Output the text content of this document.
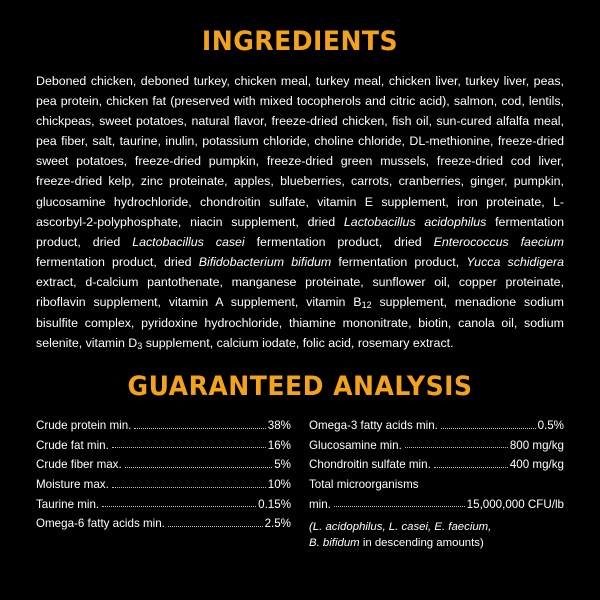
INGREDIENTS

Deboned chicken, deboned turkey, chicken meal, turkey meal, chicken liver, turkey liver, peas, pea protein, chicken fat (preserved with mixed tocopherols and citric acid), salmon, cod, lentils, chickpeas, sweet potatoes, natural flavor, freeze-dried chicken, fish oil, sun-cured alfalfa meal, pea fiber, salt, taurine, inulin, potassium chloride, choline chloride, DL-methionine, freeze-dried sweet potatoes, freeze-dried pumpkin, freeze-dried green mussels, freeze-dried cod liver, freeze-dried kelp, zinc proteinate, apples, blueberries, carrots, cranberries, ginger, pumpkin, glucosamine hydrochloride, chondroitin sulfate, vitamin E supplement, iron proteinate, L-ascorbyl-2-polyphosphate, niacin supplement, dried Lactobacillus acidophilus fermentation product, dried Lactobacillus casei fermentation product, dried Enterococcus faecium fermentation product, dried Bifidobacterium bifidum fermentation product, Yucca schidigera extract, d-calcium pantothenate, manganese proteinate, sunflower oil, copper proteinate, riboflavin supplement, vitamin A supplement, vitamin $B_{12}$ supplement, menadione sodium bisulfite complex, pyridoxine hydrochloride, thiamine mononitrate, biotin, canola oil, sodium selenite, vitamin $D_3$ supplement, calcium iodate, folic acid, rosemary extract.

GUARANTEED ANALYSIS
Crude protein min.	38%
Crude fat min.	16%
Crude fiber max.	5%
Moisture max.	10%
Taurine min.	0.15%
Omega-6 fatty acids min.	2.5%
Omega-3 fatty acids min.	0.5%
Glucosamine min.	800 mg/kg
Chondroitin sulfate min.	400 mg/kg
Total microorganisms
min.	15,000,000 CFU/lb
(L. acidophilus, L. casei, E. faecium,
B. bifidum in descending amounts)
